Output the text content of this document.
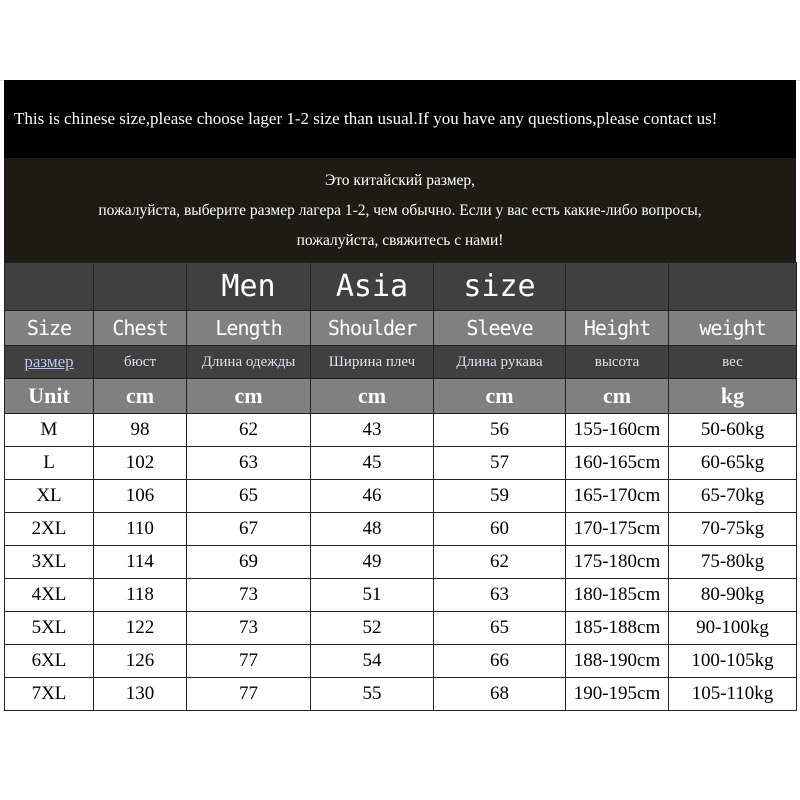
This is chinese size,please choose lager 1-2 size than usual.If you have any questions,please contact us!
Это китайский размер,
пожалуйста, выберите размер лагера 1-2, чем обычно. Если у вас есть какие-либо вопросы,
пожалуйста, свяжитесь с нами!
		Men	Asia	size		
Size	Chest	Length	Shoulder	Sleeve	Height	weight
размер	бюст	Длина одежды	Ширина плеч	Длина рукава	высота	вес
Unit	cm	cm	cm	cm	cm	kg
M	98	62	43	56	155-160cm	50-60kg
L	102	63	45	57	160-165cm	60-65kg
XL	106	65	46	59	165-170cm	65-70kg
2XL	110	67	48	60	170-175cm	70-75kg
3XL	114	69	49	62	175-180cm	75-80kg
4XL	118	73	51	63	180-185cm	80-90kg
5XL	122	73	52	65	185-188cm	90-100kg
6XL	126	77	54	66	188-190cm	100-105kg
7XL	130	77	55	68	190-195cm	105-110kg
